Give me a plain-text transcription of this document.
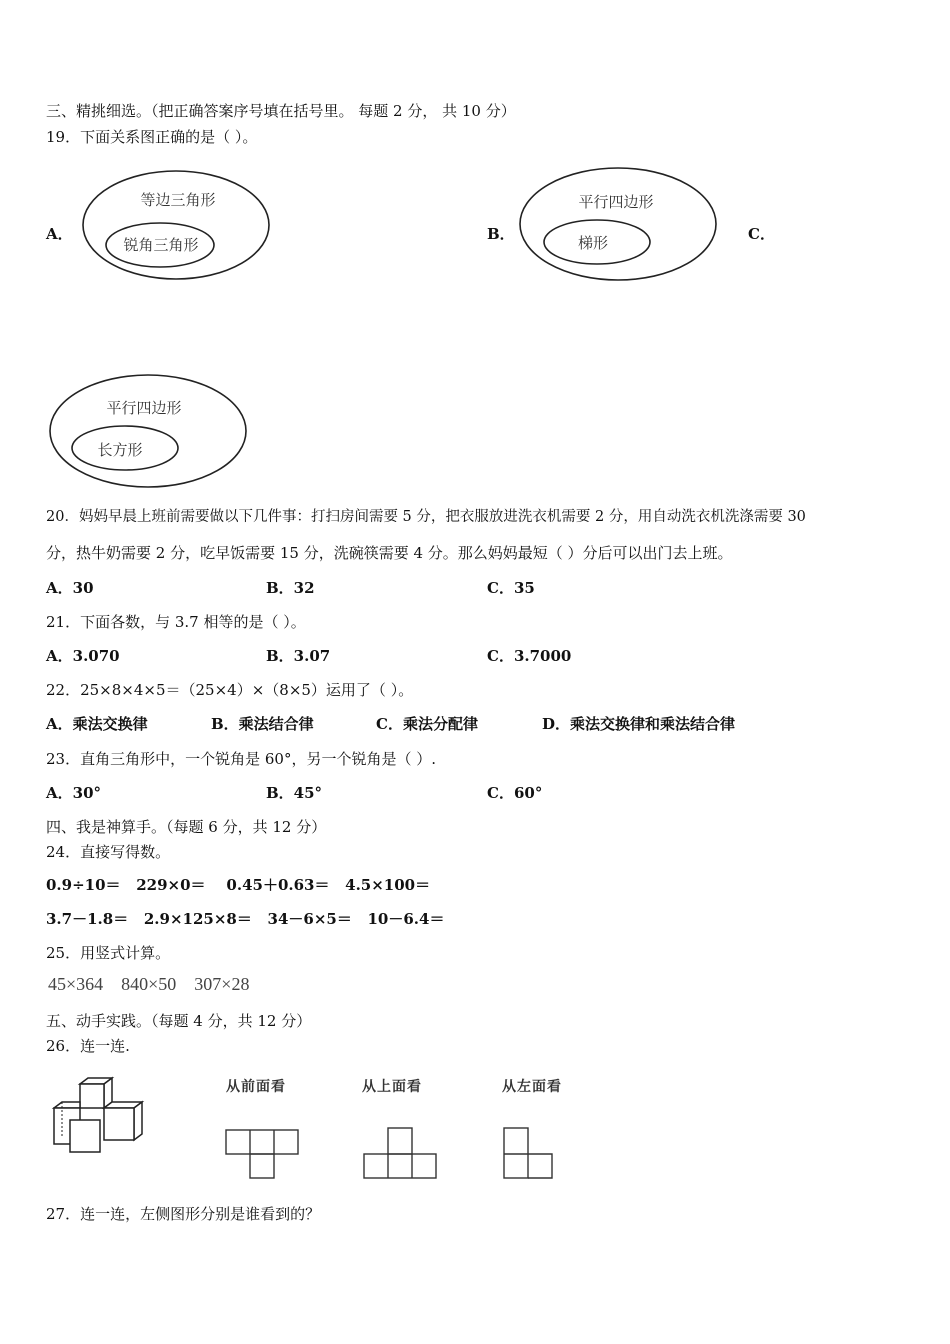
三、精挑细选。（把正确答案序号填在括号里。 每题 2 分， 共 10 分）
19．下面关系图正确的是（ ）。
A．
等边三角形
锐角三角形
B．
平行四边形
梯形	C．
平行四边形
长方形
20．妈妈早晨上班前需要做以下几件事：打扫房间需要 5 分，把衣服放进洗衣机需要 2 分，用自动洗衣机洗涤需要 30
分，热牛奶需要 2 分，吃早饭需要 15 分，洗碗筷需要 4 分。那么妈妈最短（ ）分后可以出门去上班。
A．30	B．32	C．35
21．下面各数，与 3.7 相等的是（ ）。
A．3.070	B．3.07	C．3.7000
22．25×8×4×5＝（25×4）×（8×5）运用了（ ）。
A．乘法交换律	B．乘法结合律	C．乘法分配律	D．乘法交换律和乘法结合律
23．直角三角形中，一个锐角是 60°，另一个锐角是（ ）.
A．30°	B．45°	C．60°
四、我是神算手。（每题 6 分，共 12 分）
24．直接写得数。
0.9÷10＝   229×0＝    0.45＋0.63＝   4.5×100＝
3.7－1.8＝   2.9×125×8＝   34－6×5＝   10－6.4＝
25．用竖式计算。
45×364    840×50    307×28
五、动手实践。（每题 4 分，共 12 分）
26．连一连.
从前面看	从上面看	从左面看
27．连一连，左侧图形分别是谁看到的？
